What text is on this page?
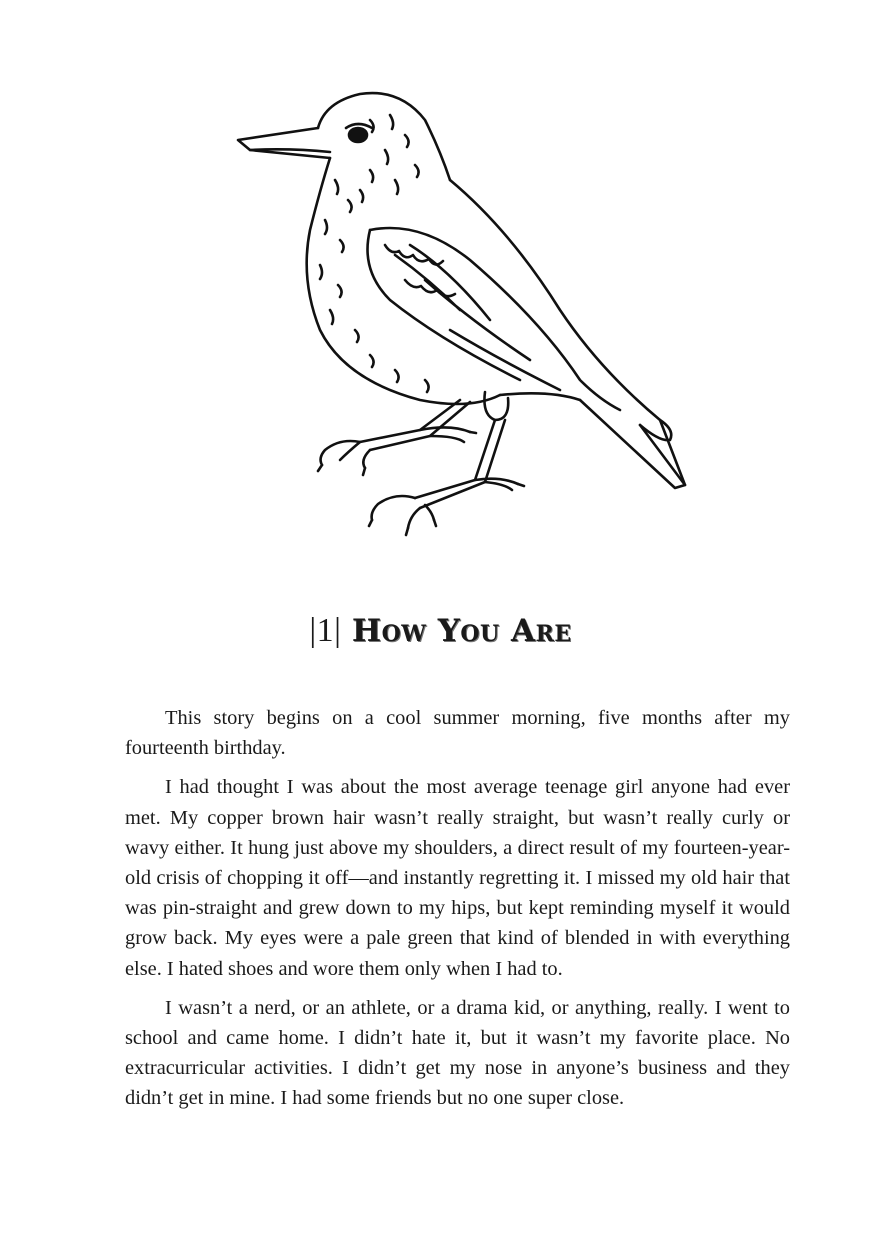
|1| How You Are

This story begins on a cool summer morning, five months after my fourteenth birthday.

I had thought I was about the most average teenage girl anyone had ever met. My copper brown hair wasn’t really straight, but wasn’t really curly or wavy either. It hung just above my shoulders, a direct result of my fourteen-year-old crisis of chopping it off—and instantly regretting it. I missed my old hair that was pin-straight and grew down to my hips, but kept reminding myself it would grow back. My eyes were a pale green that kind of blended in with everything else. I hated shoes and wore them only when I had to.

I wasn’t a nerd, or an athlete, or a drama kid, or anything, really. I went to school and came home. I didn’t hate it, but it wasn’t my favorite place. No extracurricular activities. I didn’t get my nose in anyone’s business and they didn’t get in mine. I had some friends but no one super close.
